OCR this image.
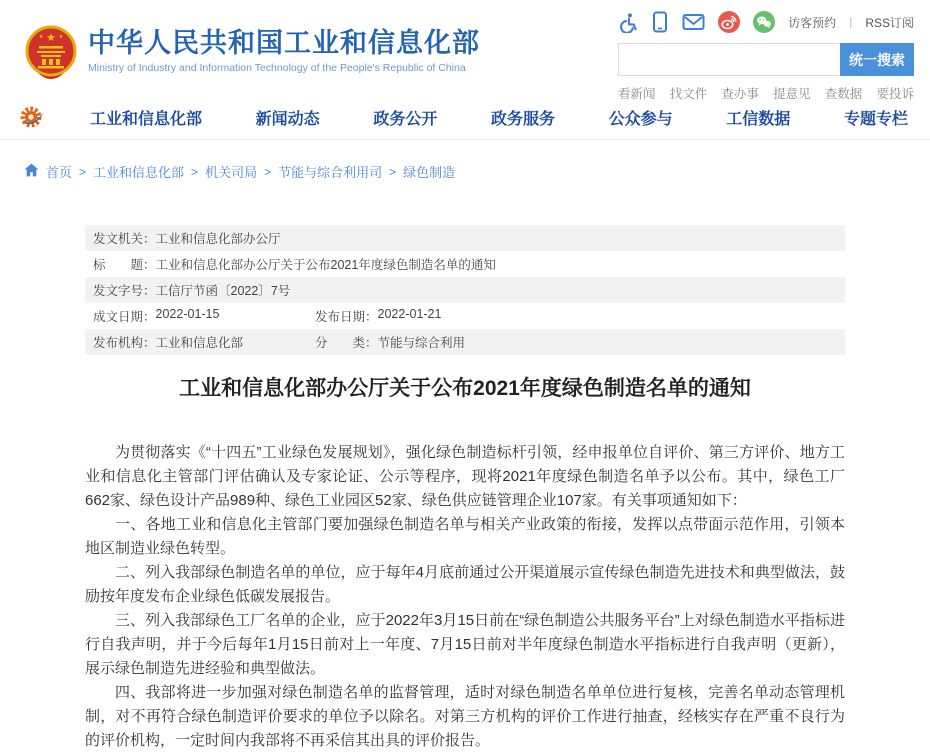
★
★	★ 中华人民共和国工业和信息化部
Ministry of Industry and Information Technology of the People's Republic of China
访客预约 | RSS订阅
统一搜索
看新闻 找文件 查办事 提意见 查数据 要投诉
工业和信息化部	新闻动态	政务公开	政务服务	公众参与	工信数据	专题专栏
首页 > 工业和信息化部 > 机关司局 > 节能与综合利用司 > 绿色制造
发文机关： 工业和信息化部办公厅
标　　题： 工业和信息化部办公厅关于公布2021年度绿色制造名单的通知
发文字号： 工信厅节函〔2022〕7号
成文日期： 2022-01-15	发布日期： 2022-01-21
发布机构： 工业和信息化部	分　　类： 节能与综合利用
工业和信息化部办公厅关于公布2021年度绿色制造名单的通知

为贯彻落实《“十四五”工业绿色发展规划》，强化绿色制造标杆引领，经申报单位自评价、第三方评价、地方工业和信息化主管部门评估确认及专家论证、公示等程序，现将2021年度绿色制造名单予以公布。其中，绿色工厂662家、绿色设计产品989种、绿色工业园区52家、绿色供应链管理企业107家。有关事项通知如下：

一、各地工业和信息化主管部门要加强绿色制造名单与相关产业政策的衔接，发挥以点带面示范作用，引领本地区制造业绿色转型。

二、列入我部绿色制造名单的单位，应于每年4月底前通过公开渠道展示宣传绿色制造先进技术和典型做法，鼓励按年度发布企业绿色低碳发展报告。

三、列入我部绿色工厂名单的企业，应于2022年3月15日前在“绿色制造公共服务平台”上对绿色制造水平指标进行自我声明，并于今后每年1月15日前对上一年度、7月15日前对半年度绿色制造水平指标进行自我声明（更新），展示绿色制造先进经验和典型做法。

四、我部将进一步加强对绿色制造名单的监督管理，适时对绿色制造名单单位进行复核，完善名单动态管理机制，对不再符合绿色制造评价要求的单位予以除名。对第三方机构的评价工作进行抽查，经核实存在严重不良行为的评价机构，一定时间内我部将不再采信其出具的评价报告。
